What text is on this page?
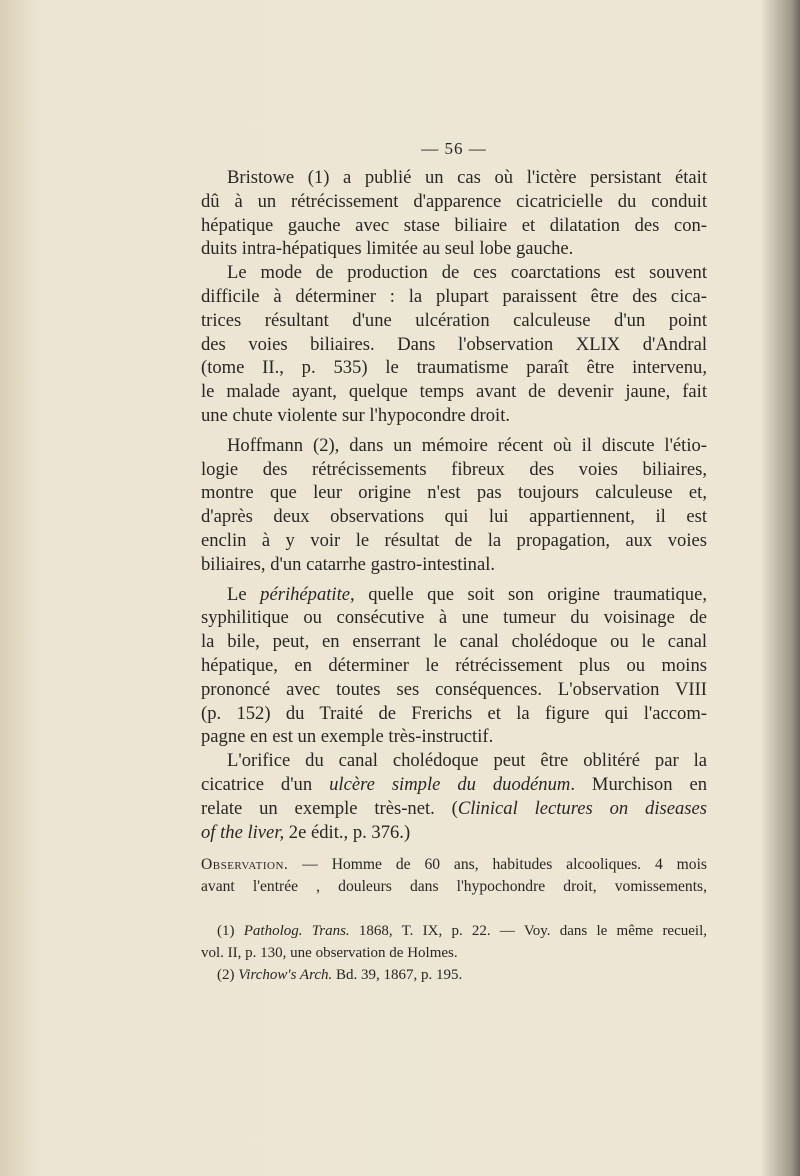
— 56 —

Bristowe (1) a publié un cas où l'ictère persistant était
dû à un rétrécissement d'apparence cicatricielle du conduit
hépatique gauche avec stase biliaire et dilatation des con-
duits intra-hépatiques limitée au seul lobe gauche.

Le mode de production de ces coarctations est souvent
difficile à déterminer : la plupart paraissent être des cica-
trices résultant d'une ulcération calculeuse d'un point
des voies biliaires. Dans l'observation XLIX d'Andral
(tome II., p. 535) le traumatisme paraît être intervenu,
le malade ayant, quelque temps avant de devenir jaune, fait
une chute violente sur l'hypocondre droit.

Hoffmann (2), dans un mémoire récent où il discute l'étio-
logie des rétrécissements fibreux des voies biliaires,
montre que leur origine n'est pas toujours calculeuse et,
d'après deux observations qui lui appartiennent, il est
enclin à y voir le résultat de la propagation, aux voies
biliaires, d'un catarrhe gastro-intestinal.

Le périhépatite, quelle que soit son origine traumatique,
syphilitique ou consécutive à une tumeur du voisinage de
la bile, peut, en enserrant le canal cholédoque ou le canal
hépatique, en déterminer le rétrécissement plus ou moins
prononcé avec toutes ses conséquences. L'observation VIII
(p. 152) du Traité de Frerichs et la figure qui l'accom-
pagne en est un exemple très-instructif.

L'orifice du canal cholédoque peut être oblitéré par la
cicatrice d'un ulcère simple du duodénum. Murchison en
relate un exemple très-net. (Clinical lectures on diseases
of the liver, 2e édit., p. 376.)

Observation. — Homme de 60 ans, habitudes alcooliques. 4 mois
avant l'entrée , douleurs dans l'hypochondre droit, vomissements,

(1) Patholog. Trans. 1868, T. IX, p. 22. — Voy. dans le même recueil,
vol. II, p. 130, une observation de Holmes.
(2) Virchow's Arch. Bd. 39, 1867, p. 195.
